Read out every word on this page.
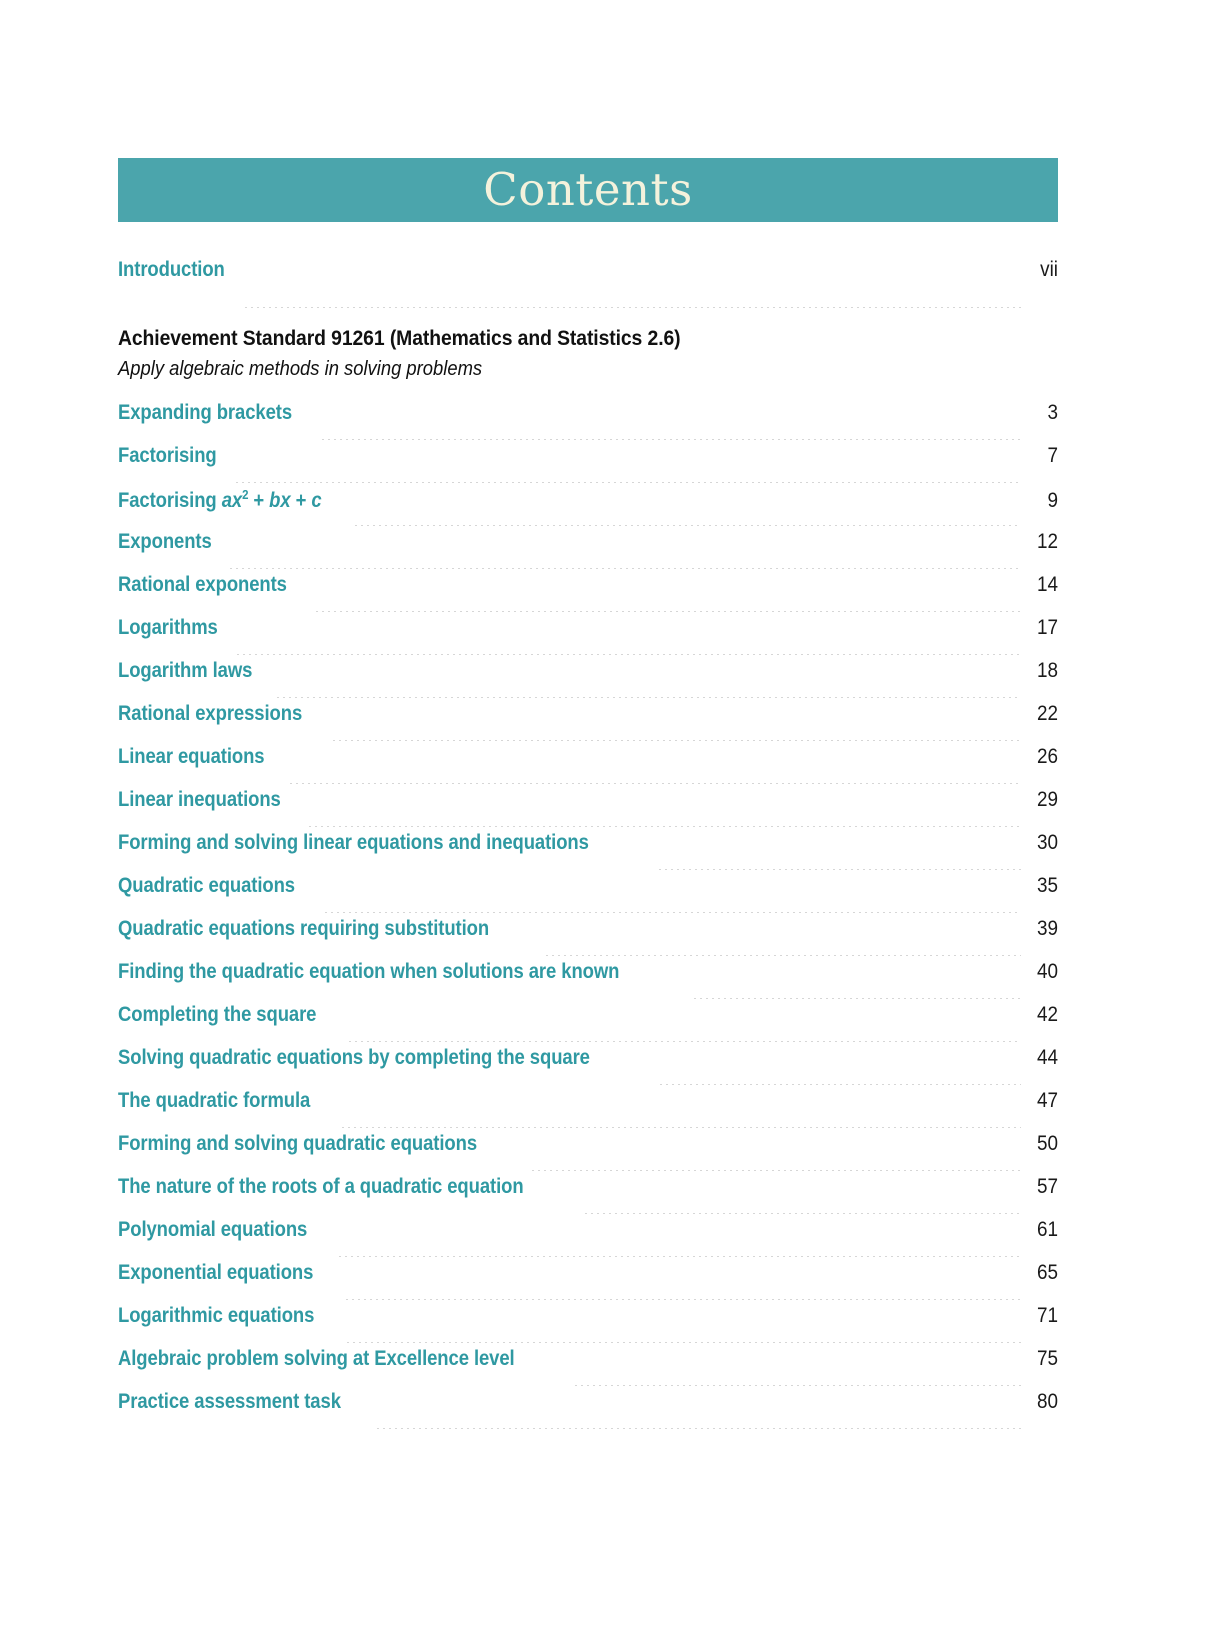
Contents
Introduction	vii
Achievement Standard 91261 (Mathematics and Statistics 2.6)
Apply algebraic methods in solving problems
Expanding brackets	3
Factorising	7
Factorising $ax^2$ + bx + c	9
Exponents	12
Rational exponents	14
Logarithms	17
Logarithm laws	18
Rational expressions	22
Linear equations	26
Linear inequations	29
Forming and solving linear equations and inequations	30
Quadratic equations	35
Quadratic equations requiring substitution	39
Finding the quadratic equation when solutions are known	40
Completing the square	42
Solving quadratic equations by completing the square	44
The quadratic formula	47
Forming and solving quadratic equations	50
The nature of the roots of a quadratic equation	57
Polynomial equations	61
Exponential equations	65
Logarithmic equations	71
Algebraic problem solving at Excellence level	75
Practice assessment task	80
